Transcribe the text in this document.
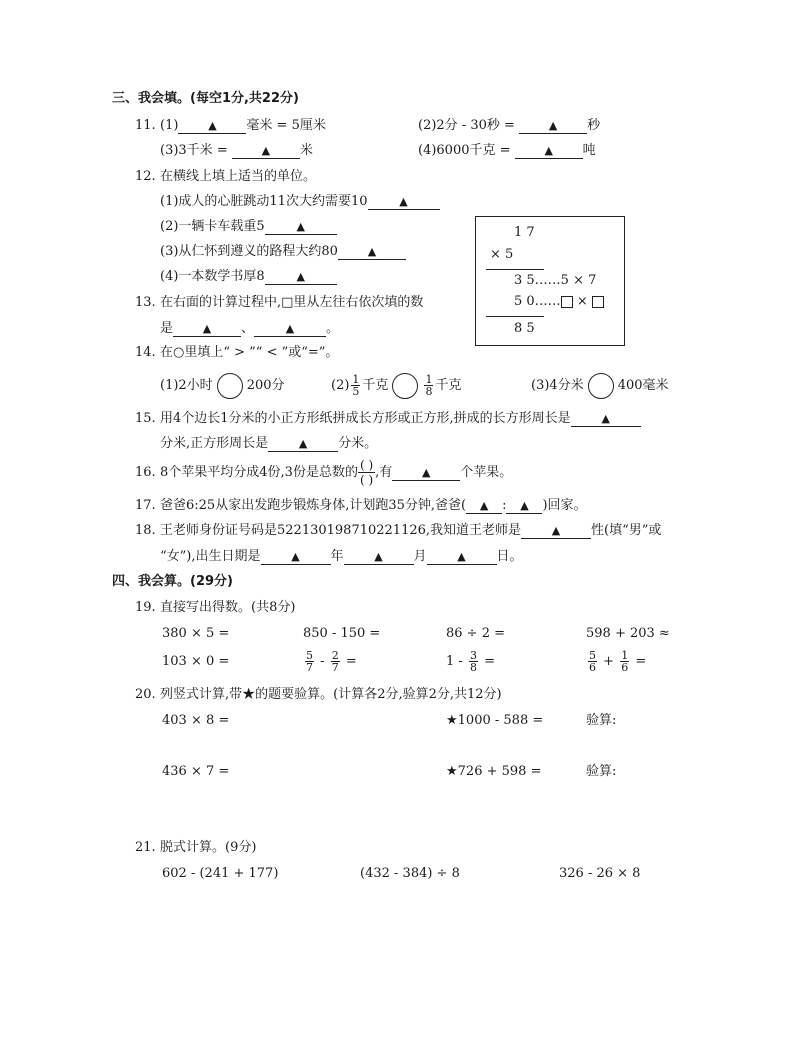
三、我会填。(每空1分,共22分)
11. (1)	▲ 毫米 = 5厘米	(2)2分 - 30秒 =	▲ 秒
(3)3千米 =	▲ 米	(4)6000千克 =	▲ 吨
12. 在横线上填上适当的单位。
(1)成人的心脏跳动11次大约需要10	▲
(2)一辆卡车载重5	▲
(3)从仁怀到遵义的路程大约80	▲
(4)一本数学书厚8	▲
13. 在右面的计算过程中,□里从左往右依次填的数
是	▲ 、	▲ 。
1 7
× 5
3 5……5 × 7
5 0…… ×
8 5
14. 在○里填上“ > ”“ < ”或“=”。
(1)2小时	200分	$(2) \frac{1}{5}$ 千克	$\frac{1}{8}$ 千克	(3)4分米	400毫米
15. 用4个边长1分米的小正方形纸拼成长方形或正方形,拼成的长方形周长是	▲
分米,正方形周长是	▲ 分米。
16. 8个苹果平均分成4份,3份是总数的 ( )
( ) ,有	▲ 个苹果。
17. 爸爸6:25从家出发跑步锻炼身体,计划跑35分钟,爸爸( ▲ : ▲ )回家。
18. 王老师身份证号码是522130198710221126,我知道王老师是	▲ 性(填“男”或
“女”),出生日期是	▲ 年	▲ 月	▲ 日。
四、我会算。(29分)
19. 直接写出得数。(共8分)
380 × 5 =	850 - 150 =	86 ÷ 2 =	598 + 203 ≈
103 × 0 =	$\frac{5}{7} - \frac{2}{7}$ =	$1 - \frac{3}{8}$ =	$\frac{5}{6} + \frac{1}{6}$ =
20. 列竖式计算,带★的题要验算。(计算各2分,验算2分,共12分)
403 × 8 =	★1000 - 588 =	验算:
436 × 7 =	★726 + 598 =	验算:
21. 脱式计算。(9分)
602 - (241 + 177)	(432 - 384) ÷ 8	326 - 26 × 8
